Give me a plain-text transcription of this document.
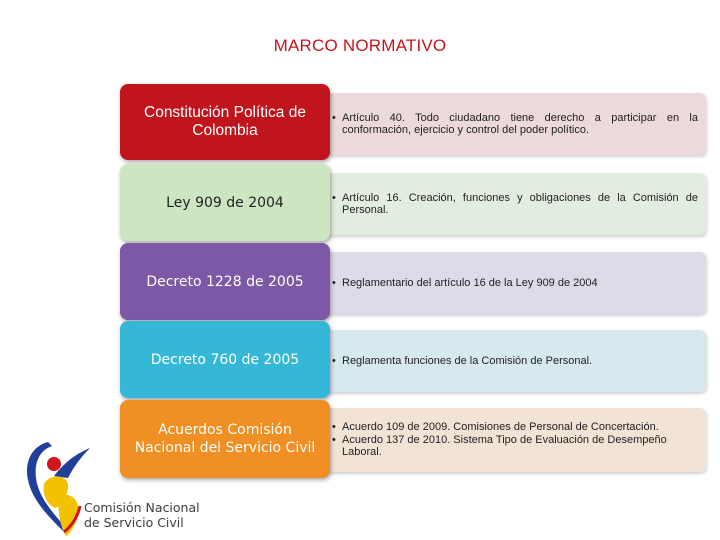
MARCO NORMATIVO
• Artículo 40. Todo ciudadano tiene derecho a participar en la conformación, ejercicio y control del poder político.
Constitución Política de Colombia
• Artículo 16. Creación, funciones y obligaciones de la Comisión de Personal.
Ley 909 de 2004
• Reglamentario del artículo 16 de la Ley 909 de 2004
Decreto 1228 de 2005
• Reglamenta funciones de la Comisión de Personal.
Decreto 760 de 2005
• Acuerdo 109 de 2009. Comisiones de Personal de Concertación.
• Acuerdo 137 de 2010. Sistema Tipo de Evaluación de Desempeño Laboral.
Acuerdos Comisión Nacional del Servicio Civil
Comisión Nacional
de Servicio Civil
